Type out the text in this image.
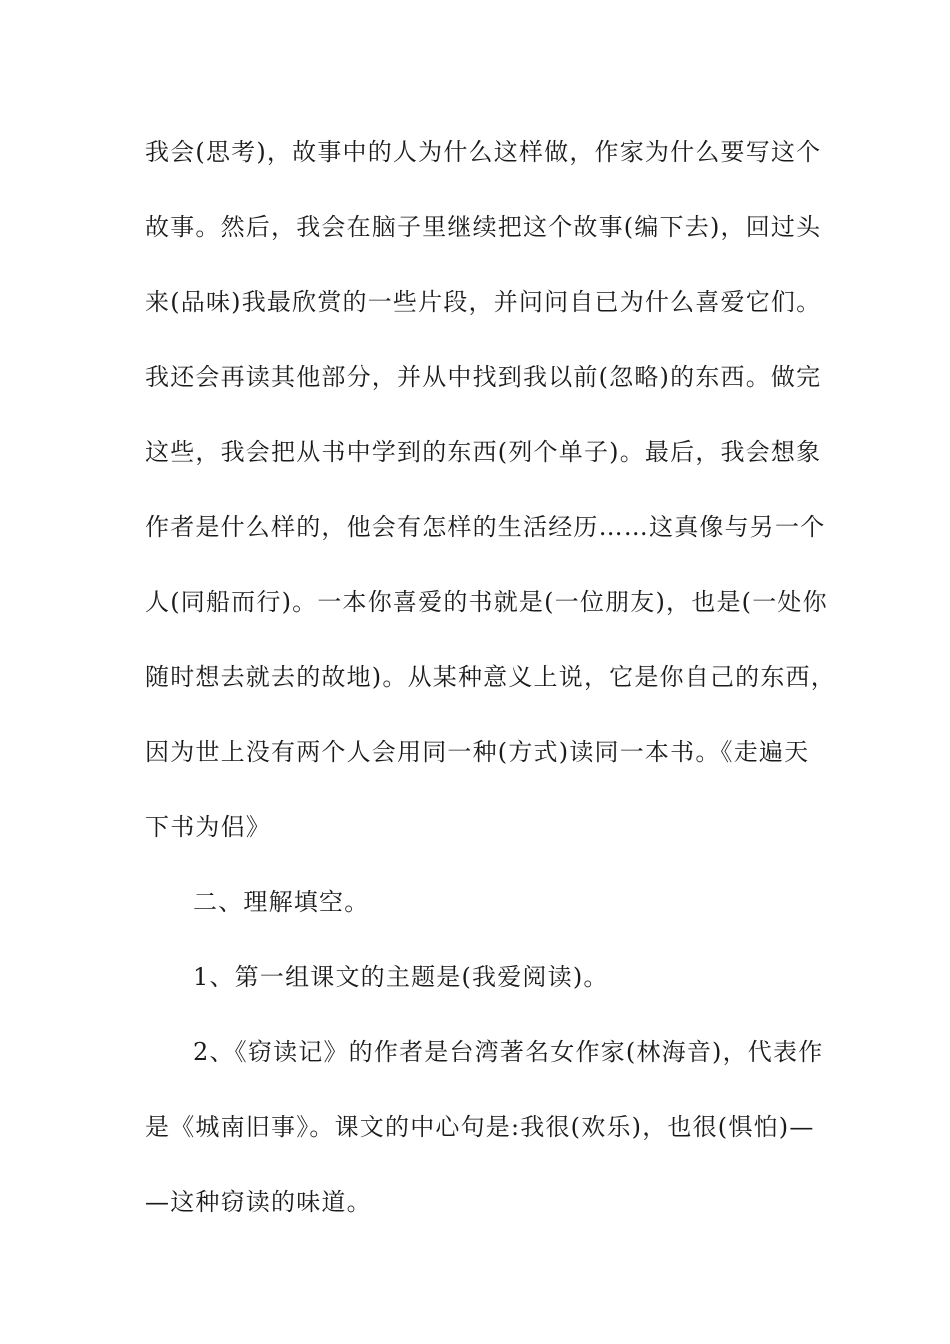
我会(思考)，故事中的人为什么这样做，作家为什么要写这个
故事。然后，我会在脑子里继续把这个故事(编下去)，回过头
来(品味)我最欣赏的一些片段，并问问自已为什么喜爱它们。
我还会再读其他部分，并从中找到我以前(忽略)的东西。做完
这些，我会把从书中学到的东西(列个单子)。最后，我会想象
作者是什么样的，他会有怎样的生活经历……这真像与另一个
人(同船而行)。一本你喜爱的书就是(一位朋友)，也是(一处你
随时想去就去的故地)。从某种意义上说，它是你自己的东西，
因为世上没有两个人会用同一种(方式)读同一本书。《走遍天
下书为侣》
二、理解填空。
1、第一组课文的主题是(我爱阅读)。
2、《窃读记》的作者是台湾著名女作家(林海音)，代表作
是《城南旧事》。课文的中心句是:我很(欢乐)，也很(惧怕)—
—这种窃读的味道。
